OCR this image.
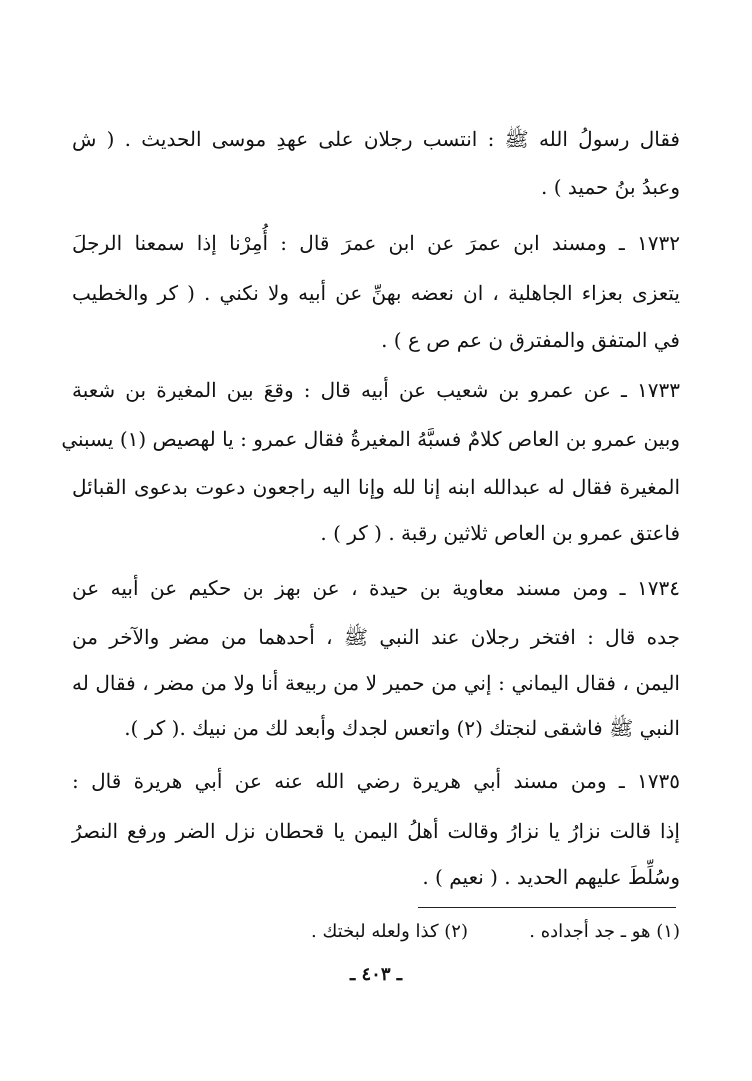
فقال رسولُ الله ﷺ : انتسب رجلان على عهدِ موسى الحديث . ( ش
وعبدُ بنُ حميد ) .
١٧٣٢ ـ ومسند ابن عمرَ عن ابن عمرَ قال : أُمِرْنا إذا سمعنا الرجلَ
يتعزى بعزاء الجاهلية ، ان نعضه بهنِّ عن أبيه ولا نكني . ( كر والخطيب
في المتفق والمفترق ن عم ص ع ) .
١٧٣٣ ـ عن عمرو بن شعيب عن أبيه قال : وقعَ بين المغيرة بن شعبة
وبين عمرو بن العاص كلامٌ فسبَّهُ المغيرةُ فقال عمرو : يا لهصيص (١) يسبني
المغيرة فقال له عبدالله ابنه إنا لله وإنا اليه راجعون دعوت بدعوى القبائل
فاعتق عمرو بن العاص ثلاثين رقبة . ( كر ) .
١٧٣٤ ـ ومن مسند معاوية بن حيدة ، عن بهز بن حكيم عن أبيه عن
جده قال : افتخر رجلان عند النبي ﷺ ، أحدهما من مضر والآخر من
اليمن ، فقال اليماني : إني من حمير لا من ربيعة أنا ولا من مضر ، فقال له
النبي ﷺ فاشقى لنجتك (٢) واتعس لجدك وأبعد لك من نبيك .( كر ).
١٧٣٥ ـ ومن مسند أبي هريرة رضي الله عنه عن أبي هريرة قال :
إذا قالت نزارُ يا نزارُ وقالت أهلُ اليمن يا قحطان نزل الضر ورفع النصرُ
وسُلِّطَ عليهم الحديد . ( نعيم ) .
(١) هو ـ جد أجداده .
(٢) كذا ولعله لبختك .
ـ ٤٠٣ ـ
